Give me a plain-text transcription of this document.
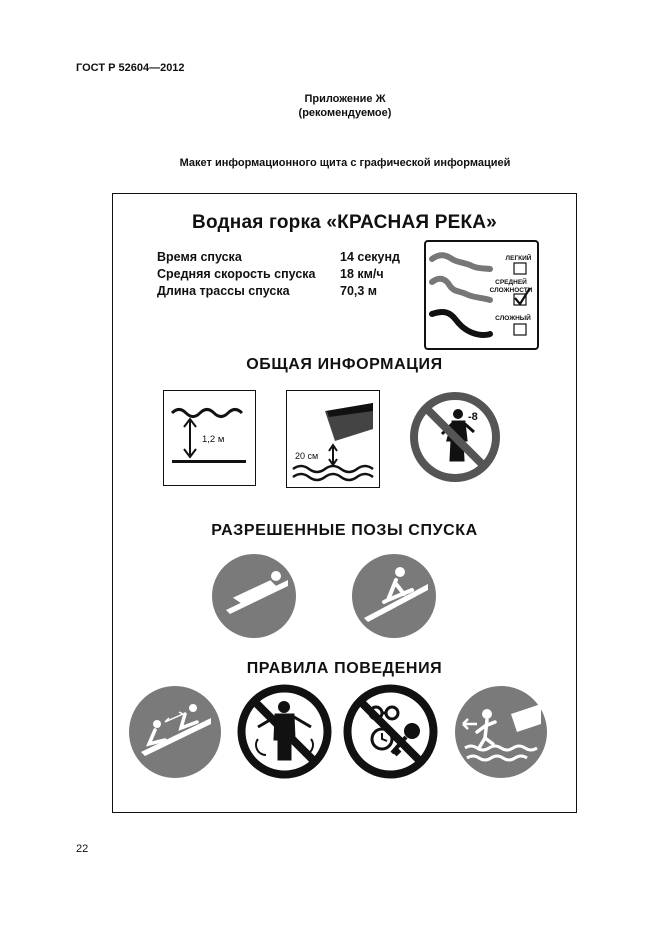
ГОСТ Р 52604—2012
Приложение Ж
(рекомендуемое)
Макет информационного щита с графической информацией
Водная горка «КРАСНАЯ РЕКА»
Время спуска	14 секунд
Средняя скорость спуска 18 км/ч
Длина трассы спуска	70,3 м
ЛЕГКИЙ
СРЕДНЕЙ
СЛОЖНОСТИ
СЛОЖНЫЙ
ОБЩАЯ ИНФОРМАЦИЯ
1,2 м
20 см
-8
РАЗРЕШЕННЫЕ ПОЗЫ СПУСКА
ПРАВИЛА ПОВЕДЕНИЯ
22
